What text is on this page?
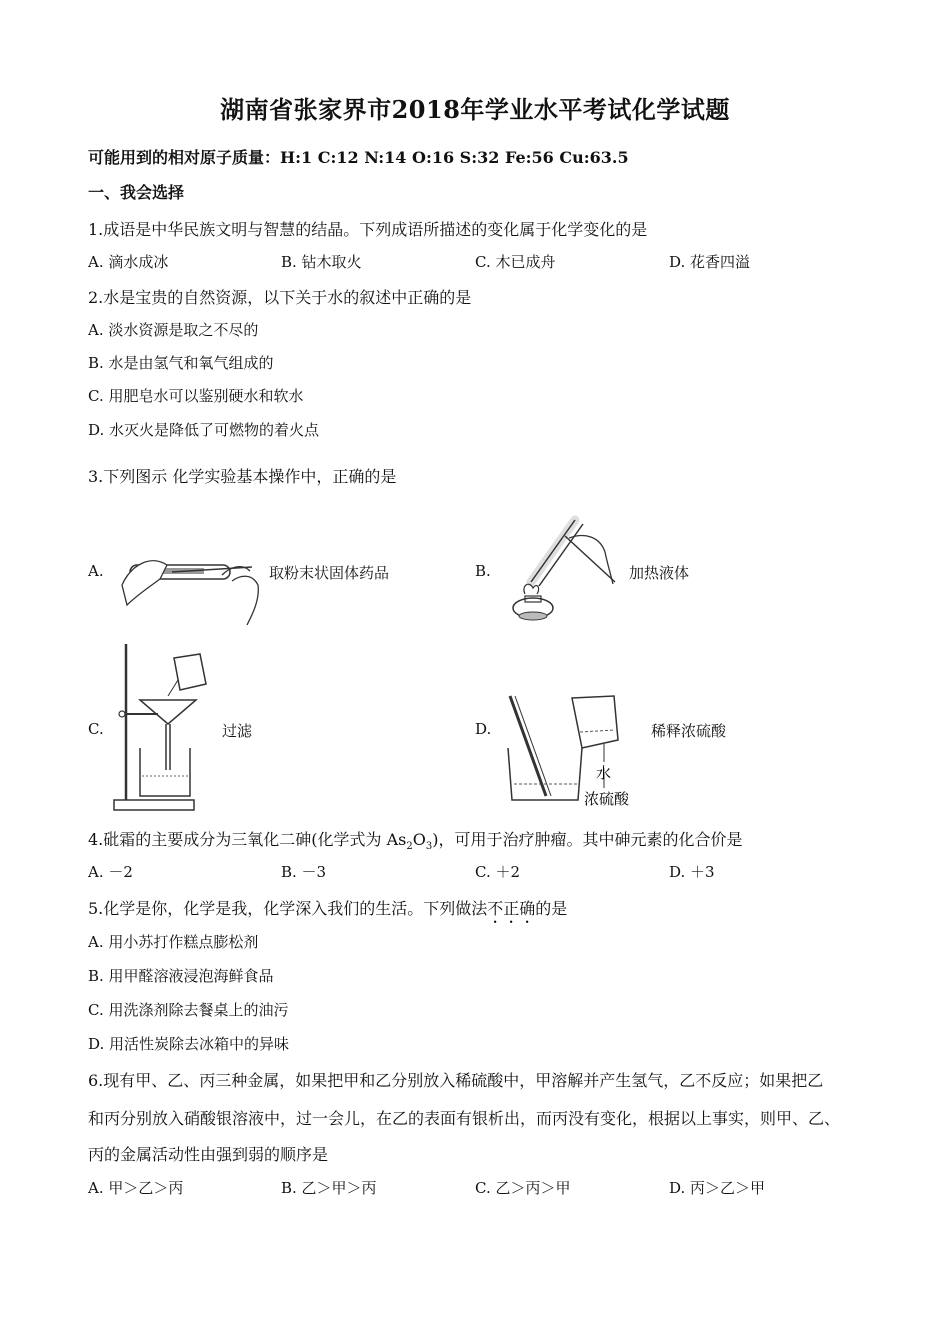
湖南省张家界市2018年学业水平考试化学试题
可能用到的相对原子质量：H:1 C:12 N:14 O:16 S:32 Fe:56 Cu:63.5
一、我会选择
1.成语是中华民族文明与智慧的结晶。下列成语所描述的变化属于化学变化的是
A. 滴水成冰	B. 钻木取火	C. 木已成舟	D. 花香四溢
2.水是宝贵的自然资源，以下关于水的叙述中正确的是
A. 淡水资源是取之不尽的
B. 水是由氢气和氧气组成的
C. 用肥皂水可以鉴别硬水和软水
D. 水灭火是降低了可燃物的着火点
3.下列图示 化学实验基本操作中，正确的是
A.	取粉末状固体药品	B.	加热液体
C.	过滤	D.
水
浓硫酸
稀释浓硫酸
4.砒霜的主要成分为三氧化二砷(化学式为 $As_2O_3$)，可用于治疗肿瘤。其中砷元素的化合价是
A. －2	B. －3	C. ＋2	D. ＋3
5.化学是你，化学是我，化学深入我们的生活。下列做法不正确的是
A. 用小苏打作糕点膨松剂
B. 用甲醛溶液浸泡海鲜食品
C. 用洗涤剂除去餐桌上的油污
D. 用活性炭除去冰箱中的异味
6.现有甲、乙、丙三种金属，如果把甲和乙分别放入稀硫酸中，甲溶解并产生氢气，乙不反应；如果把乙
和丙分别放入硝酸银溶液中，过一会儿，在乙的表面有银析出，而丙没有变化，根据以上事实，则甲、乙、
丙的金属活动性由强到弱的顺序是
A. 甲＞乙＞丙	B. 乙＞甲＞丙	C. 乙＞丙＞甲	D. 丙＞乙＞甲
